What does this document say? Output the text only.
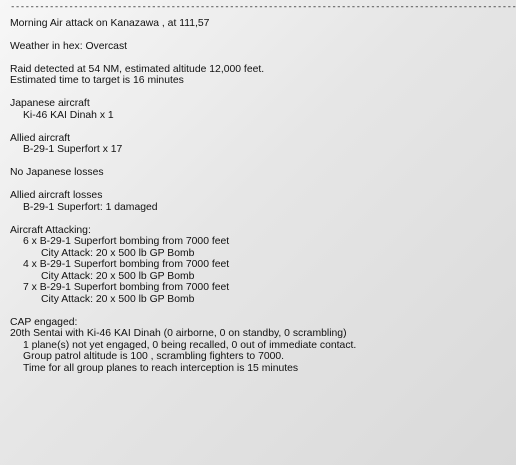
--------------------------------------------------------------------------------------------------------
Morning Air attack on Kanazawa , at 111,57
Weather in hex: Overcast
Raid detected at 54 NM, estimated altitude 12,000 feet.
Estimated time to target is 16 minutes
Japanese aircraft
Ki-46 KAI Dinah x 1
Allied aircraft
B-29-1 Superfort x 17
No Japanese losses
Allied aircraft losses
B-29-1 Superfort: 1 damaged
Aircraft Attacking:
6 x B-29-1 Superfort bombing from 7000 feet
City Attack: 20 x 500 lb GP Bomb
4 x B-29-1 Superfort bombing from 7000 feet
City Attack: 20 x 500 lb GP Bomb
7 x B-29-1 Superfort bombing from 7000 feet
City Attack: 20 x 500 lb GP Bomb
CAP engaged:
20th Sentai with Ki-46 KAI Dinah (0 airborne, 0 on standby, 0 scrambling)
1 plane(s) not yet engaged, 0 being recalled, 0 out of immediate contact.
Group patrol altitude is 100 , scrambling fighters to 7000.
Time for all group planes to reach interception is 15 minutes
